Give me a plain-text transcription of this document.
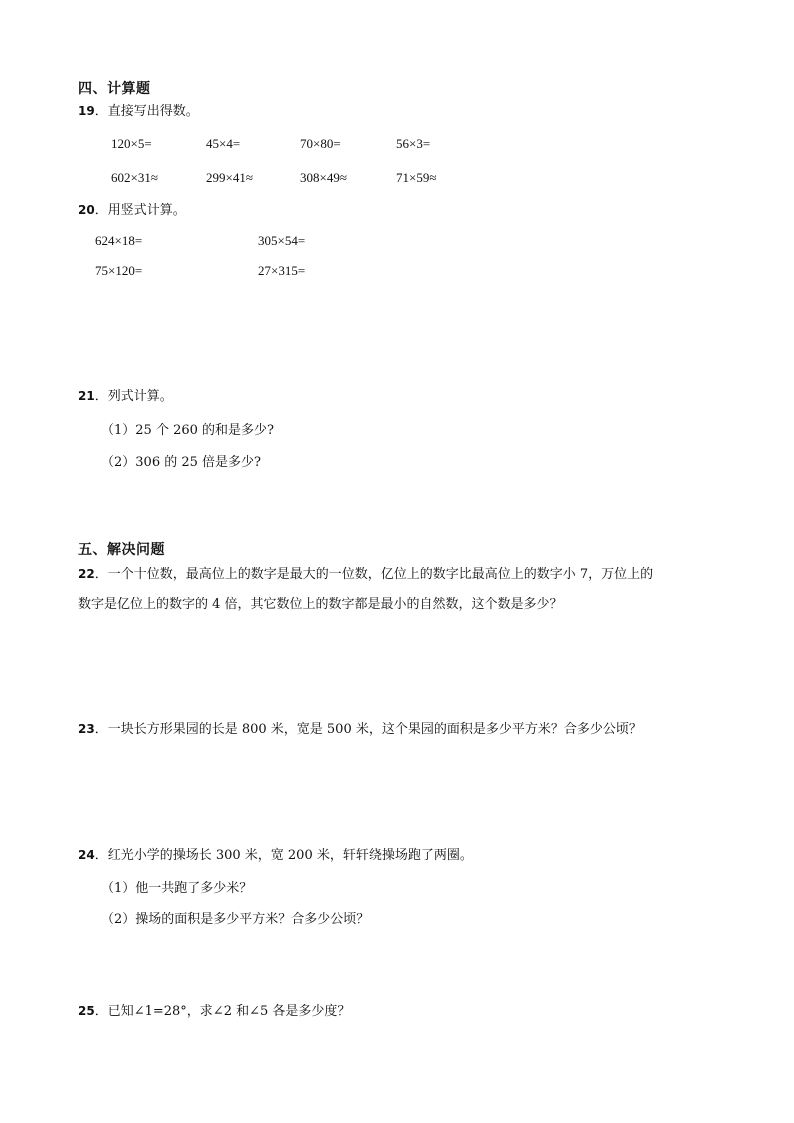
四、计算题
19．直接写出得数。
120×5=	45×4=	70×80=	56×3=
602×31≈	299×41≈	308×49≈	71×59≈
20．用竖式计算。
624×18=	305×54=
75×120=	27×315=
21．列式计算。
（1）25 个 260 的和是多少?
（2）306 的 25 倍是多少?
五、解决问题
22．一个十位数，最高位上的数字是最大的一位数，亿位上的数字比最高位上的数字小 7，万位上的
数字是亿位上的数字的 4 倍，其它数位上的数字都是最小的自然数，这个数是多少？
23．一块长方形果园的长是 800 米，宽是 500 米，这个果园的面积是多少平方米？合多少公顷？
24．红光小学的操场长 300 米，宽 200 米，轩轩绕操场跑了两圈。
（1）他一共跑了多少米？
（2）操场的面积是多少平方米？合多少公顷？
25．已知∠1=28°，求∠2 和∠5 各是多少度？
